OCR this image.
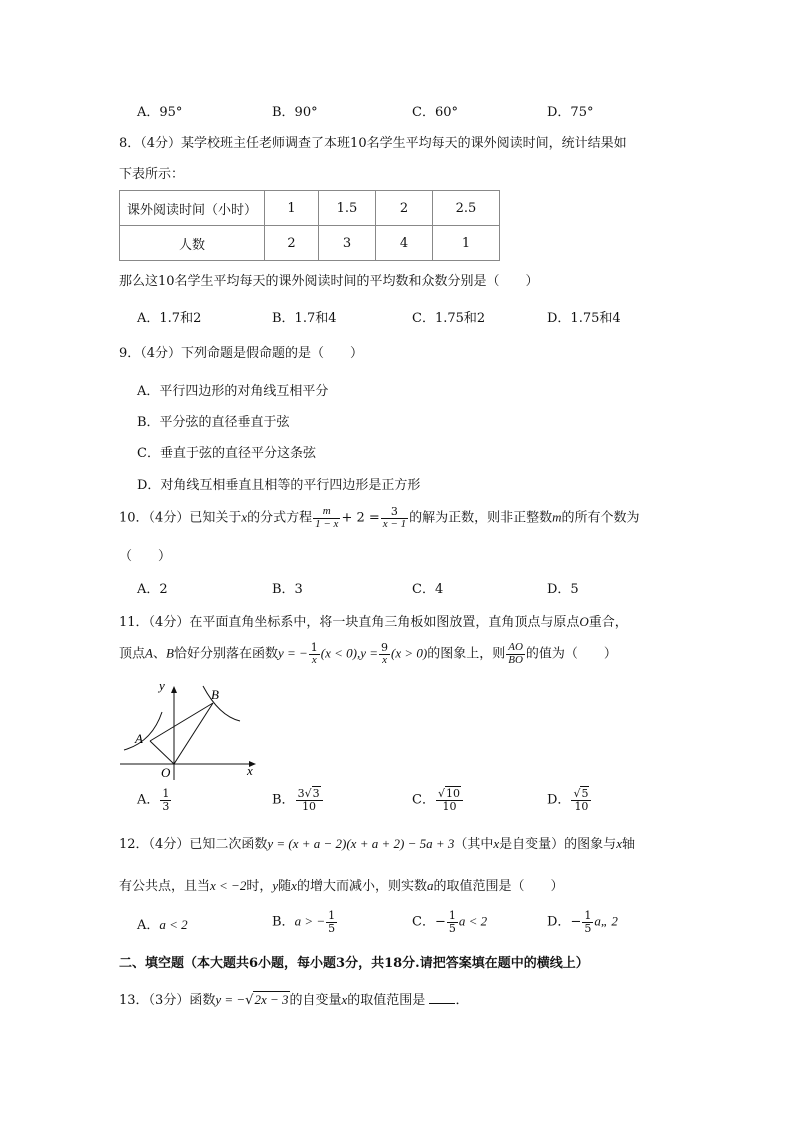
A．95°	B．90°	C．60°	D．75°
8．（4分）某学校班主任老师调查了本班10名学生平均每天的课外阅读时间，统计结果如
下表所示：
课外阅读时间（小时）	1	1.5	2	2.5
人数	2	3	4	1
那么这10名学生平均每天的课外阅读时间的平均数和众数分别是（　　）
A．1.7和2	B．1.7和4	C．1.75和2	D．1.75和4
9．（4分）下列命题是假命题的是（　　）
A．平行四边形的对角线互相平分
B．平分弦的直径垂直于弦
C．垂直于弦的直径平分这条弦
D．对角线互相垂直且相等的平行四边形是正方形
10．（4分）已知关于x的分式方程 $\frac{m}{1 - x} + 2 = \frac{3}{x - 1}$ 的解为正数，则非正整数m的所有个数为
（　　）
A．2	B．3	C．4	D．5
11．（4分）在平面直角坐标系中，将一块直角三角板如图放置，直角顶点与原点O重合，
顶点A、B恰好分别落在函数y = − $\frac{1}{x} (x < 0),y = \frac{9}{x} (x > 0)$的图象上，则 $\frac{AO}{BO}$ 的值为（　　）
y
x
O
A
B
A． $\frac{1}{3}$	B． $\frac{3√3}{10}$	C． $\frac{√10}{10}$	D． $\frac{√5}{10}$
12．（4分）已知二次函数y = (x + a − 2)(x + a + 2) − 5a + 3（其中x是自变量）的图象与x轴
有公共点，且当x < −2时，y随x的增大而减小，则实数a的取值范围是（　　）
A．a < 2	B．a > − $\frac{1}{5}$	C．− $\frac{1}{5}$ a < 2	D．− $\frac{1}{5}$ a„ 2
二、填空题（本大题共6小题，每小题3分，共18分.请把答案填在题中的横线上）
13．（3分）函数y = −√2x − 3的自变量x的取值范围是 ．
